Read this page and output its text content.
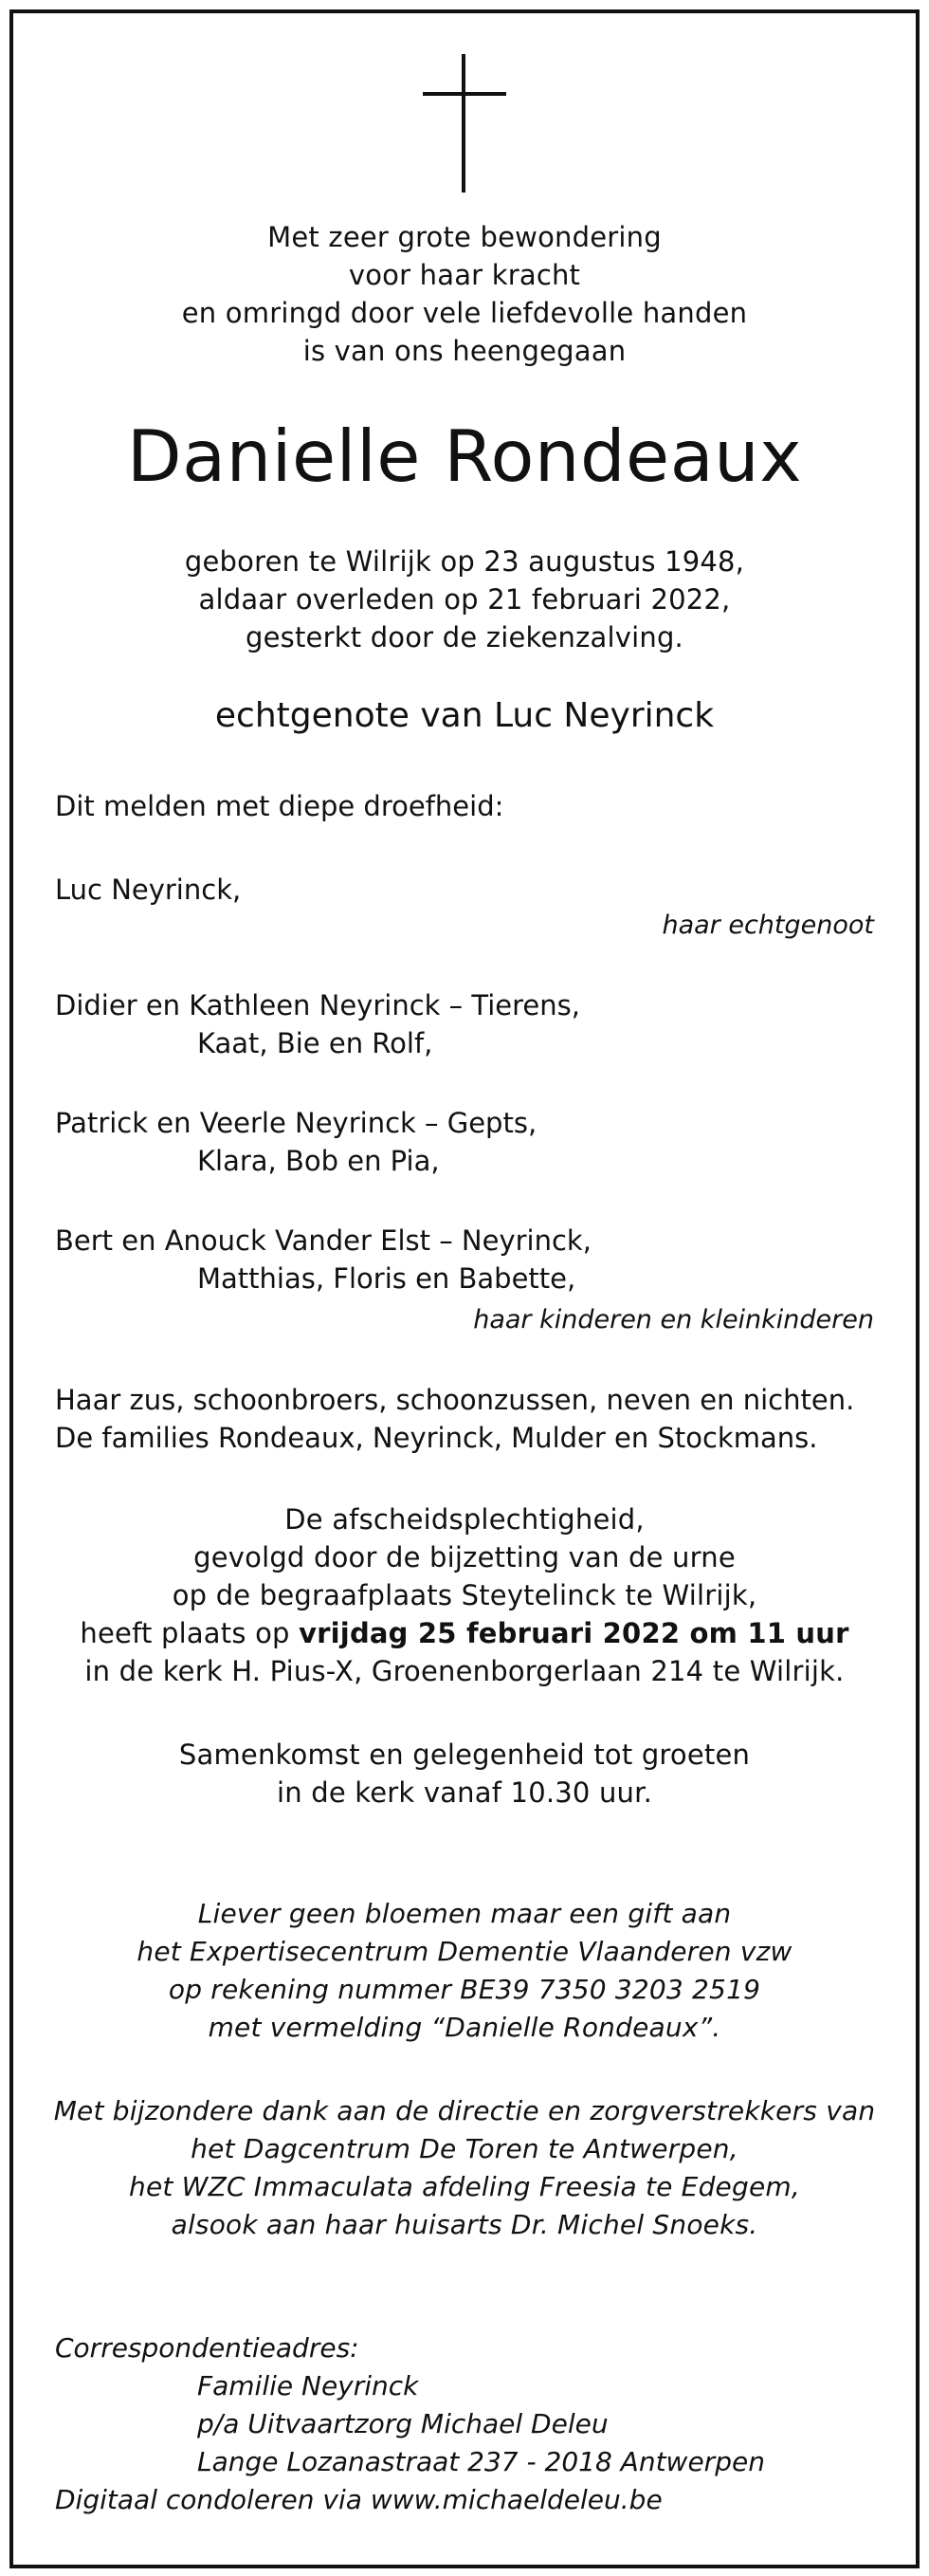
Met zeer grote bewondering
voor haar kracht
en omringd door vele liefdevolle handen
is van ons heengegaan
Danielle Rondeaux
geboren te Wilrijk op 23 augustus 1948,
aldaar overleden op 21 februari 2022,
gesterkt door de ziekenzalving.
echtgenote van Luc Neyrinck
Dit melden met diepe droefheid:
Luc Neyrinck,
haar echtgenoot
Didier en Kathleen Neyrinck – Tierens,
Kaat, Bie en Rolf,
Patrick en Veerle Neyrinck – Gepts,
Klara, Bob en Pia,
Bert en Anouck Vander Elst – Neyrinck,
Matthias, Floris en Babette,
haar kinderen en kleinkinderen
Haar zus, schoonbroers, schoonzussen, neven en nichten.
De families Rondeaux, Neyrinck, Mulder en Stockmans.
De afscheidsplechtigheid,
gevolgd door de bijzetting van de urne
op de begraafplaats Steytelinck te Wilrijk,
heeft plaats op vrijdag 25 februari 2022 om 11 uur
in de kerk H. Pius-X, Groenenborgerlaan 214 te Wilrijk.
Samenkomst en gelegenheid tot groeten
in de kerk vanaf 10.30 uur.
Liever geen bloemen maar een gift aan
het Expertisecentrum Dementie Vlaanderen vzw
op rekening nummer BE39 7350 3203 2519
met vermelding “Danielle Rondeaux”.
Met bijzondere dank aan de directie en zorgverstrekkers van
het Dagcentrum De Toren te Antwerpen,
het WZC Immaculata afdeling Freesia te Edegem,
alsook aan haar huisarts Dr. Michel Snoeks.
Correspondentieadres:
Familie Neyrinck
p/a Uitvaartzorg Michael Deleu
Lange Lozanastraat 237 - 2018 Antwerpen
Digitaal condoleren via www.michaeldeleu.be
